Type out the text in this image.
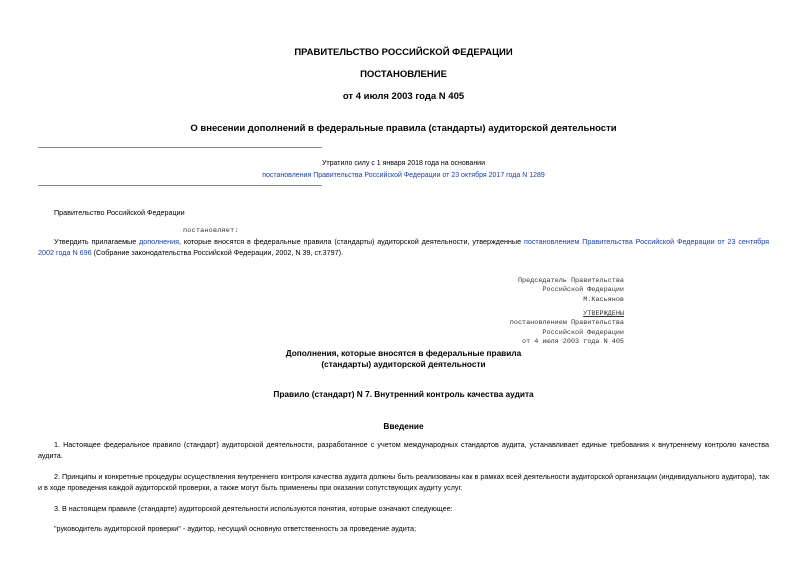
ПРАВИТЕЛЬСТВО РОССИЙСКОЙ ФЕДЕРАЦИИ
ПОСТАНОВЛЕНИЕ
от 4 июля 2003 года N 405
О внесении дополнений в федеральные правила (стандарты) аудиторской деятельности
Утратило силу с 1 января 2018 года на основании
постановления Правительства Российской Федерации от 23 октября 2017 года N 1289
Правительство Российской Федерации
постановляет:
Утвердить прилагаемые дополнения, которые вносятся в федеральные правила (стандарты) аудиторской деятельности, утвержденные постановлением Правительства Российской Федерации от 23 сентября 2002 года N 696 (Собрание законодательства Российской Федерации, 2002, N 39, ст.3797).
Председатель Правительства
Российской Федерации
М.Касьянов
УТВЕРЖДЕНЫ
постановлением Правительства
Российской Федерации
от 4 июля 2003 года N 405
Дополнения, которые вносятся в федеральные правила
(стандарты) аудиторской деятельности
Правило (стандарт) N 7. Внутренний контроль качества аудита
Введение
1. Настоящее федеральное правило (стандарт) аудиторской деятельности, разработанное с учетом международных стандартов аудита, устанавливает единые требования к внутреннему контролю качества аудита.
2. Принципы и конкретные процедуры осуществления внутреннего контроля качества аудита должны быть реализованы как в рамках всей деятельности аудиторской организации (индивидуального аудитора), так и в ходе проведения каждой аудиторской проверки, а также могут быть применены при оказании сопутствующих аудиту услуг.
3. В настоящем правиле (стандарте) аудиторской деятельности используются понятия, которые означают следующее:
"руководитель аудиторской проверки" - аудитор, несущий основную ответственность за проведение аудита;
